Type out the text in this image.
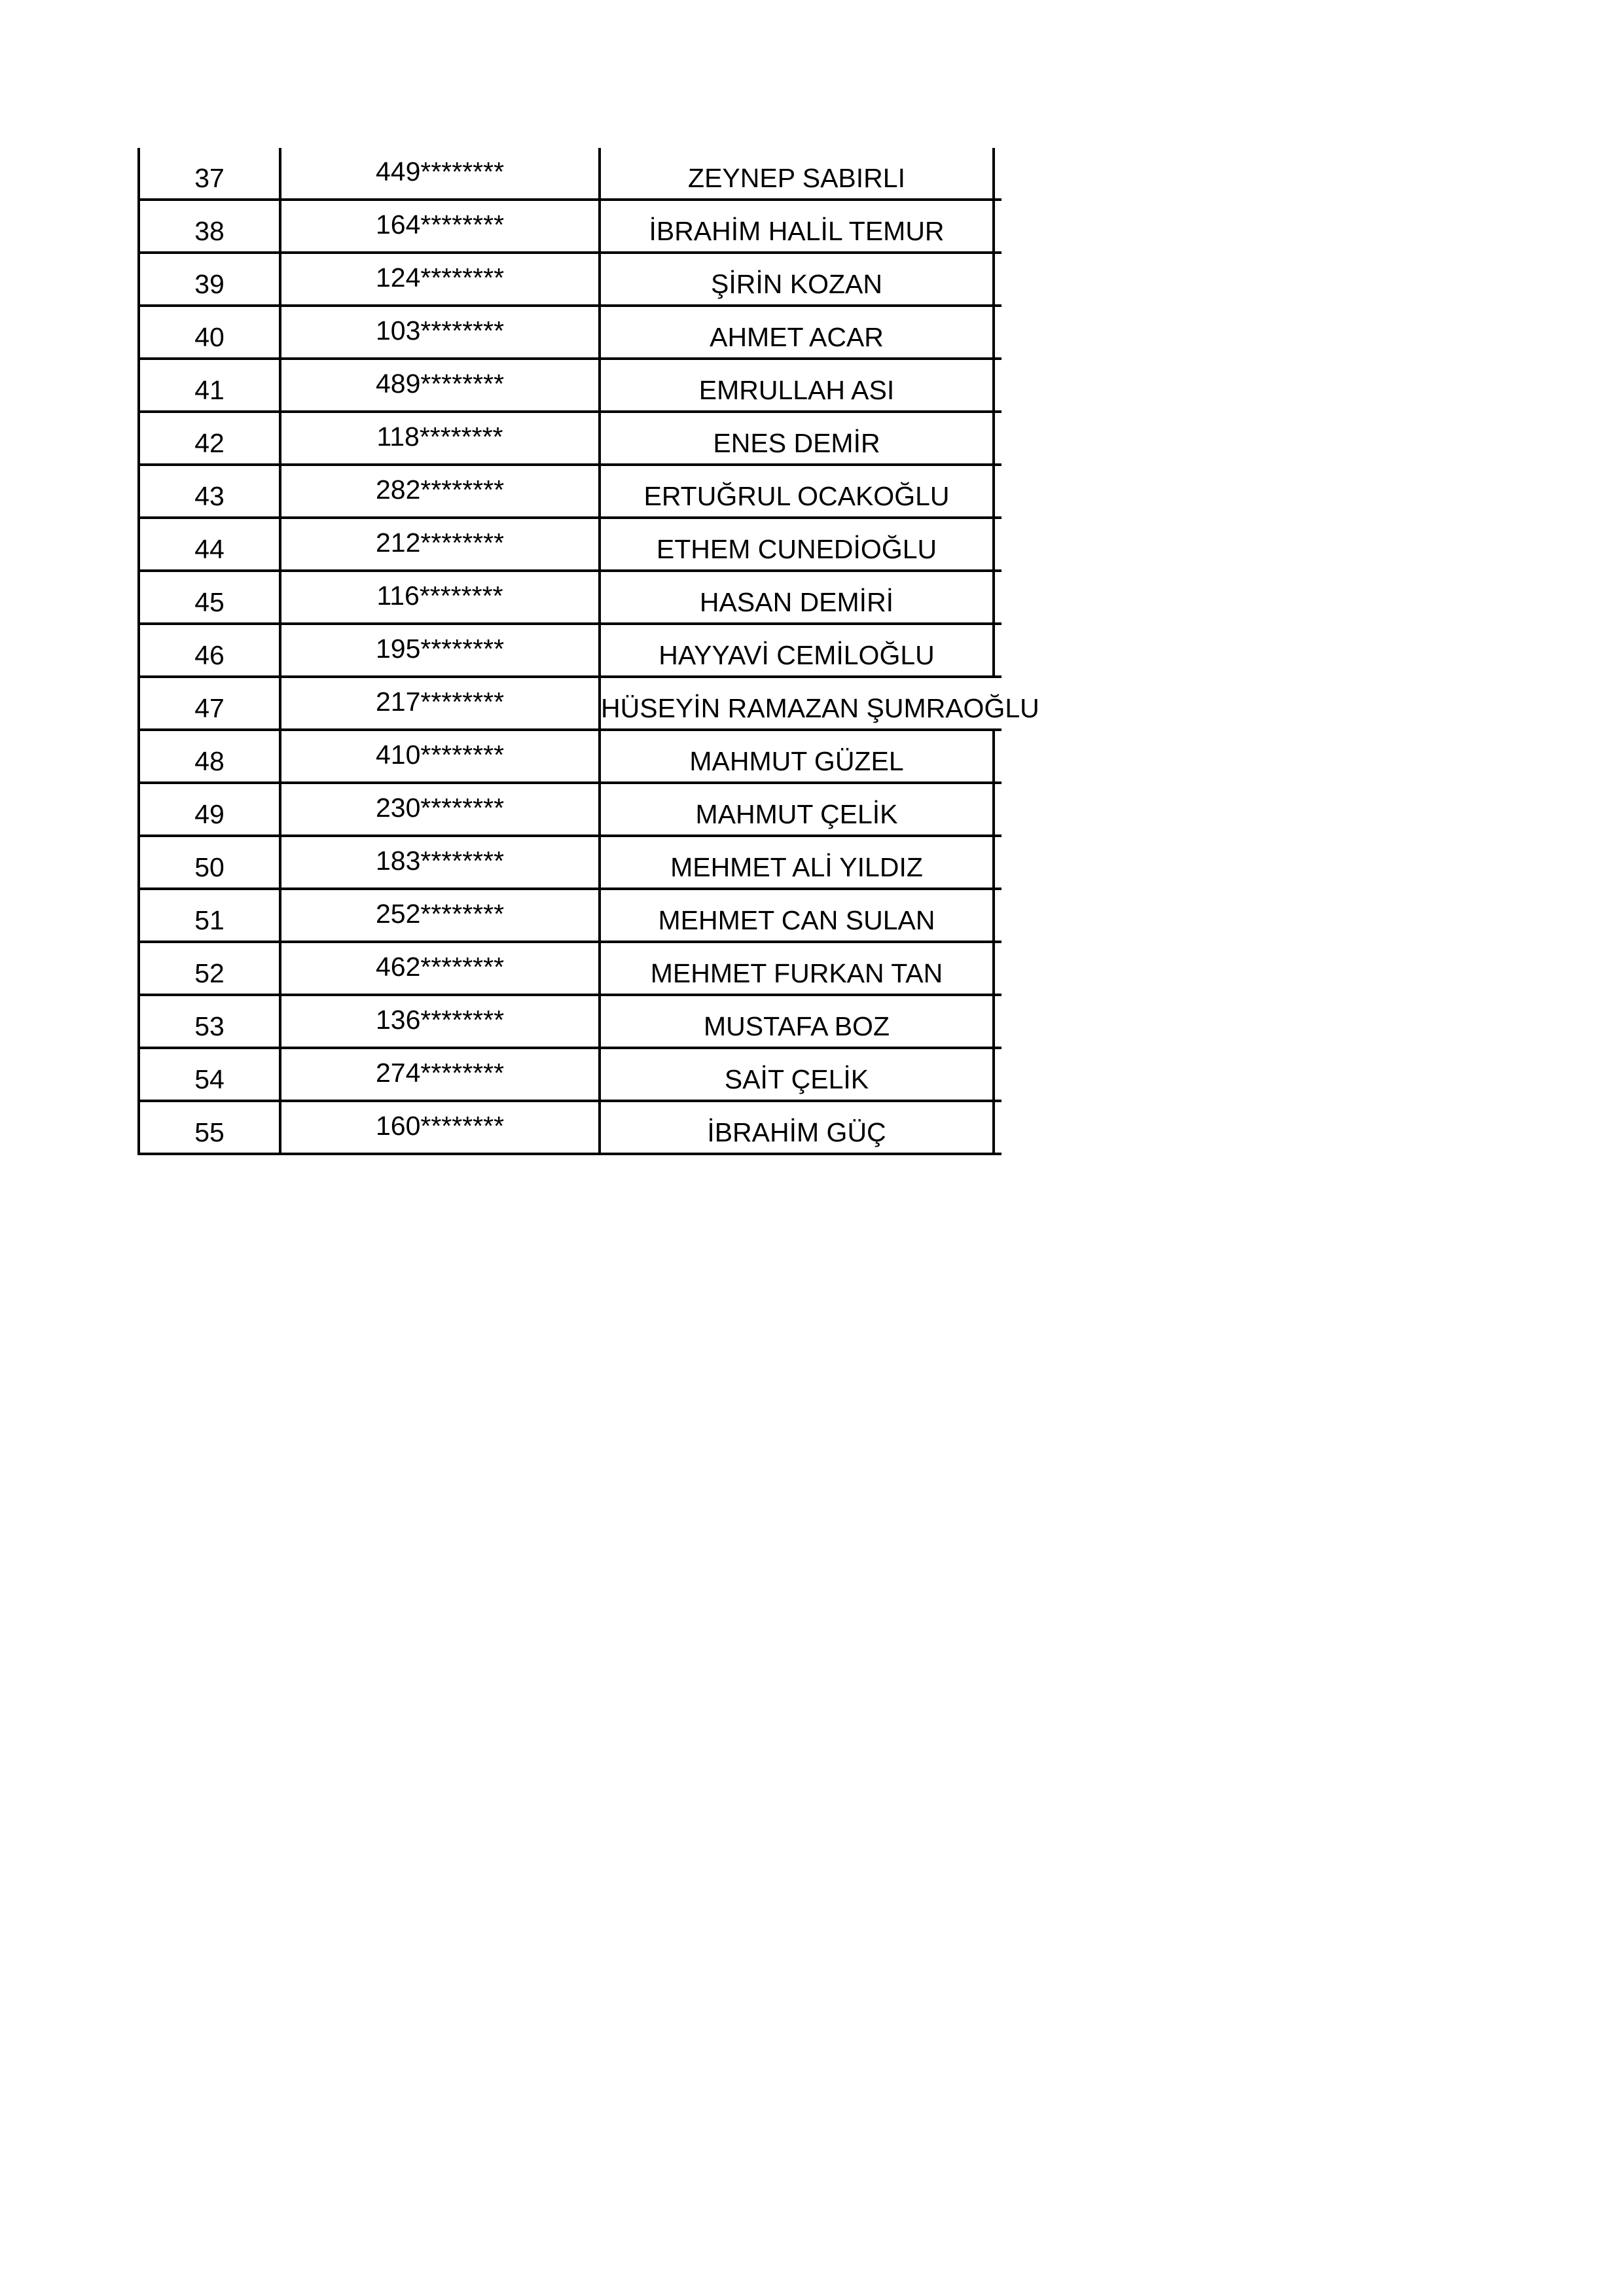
37	449********	ZEYNEP SABIRLI
38	164********	İBRAHİM HALİL TEMUR
39	124********	ŞİRİN KOZAN
40	103********	AHMET ACAR
41	489********	EMRULLAH ASI
42	118********	ENES DEMİR
43	282********	ERTUĞRUL OCAKOĞLU
44	212********	ETHEM CUNEDİOĞLU
45	116********	HASAN DEMİRİ
46	195********	HAYYAVİ CEMİLOĞLU
47	217********	HÜSEYİN RAMAZAN ŞUMRAOĞLU
48	410********	MAHMUT GÜZEL
49	230********	MAHMUT ÇELİK
50	183********	MEHMET ALİ YILDIZ
51	252********	MEHMET CAN SULAN
52	462********	MEHMET FURKAN TAN
53	136********	MUSTAFA BOZ
54	274********	SAİT ÇELİK
55	160********	İBRAHİM GÜÇ
